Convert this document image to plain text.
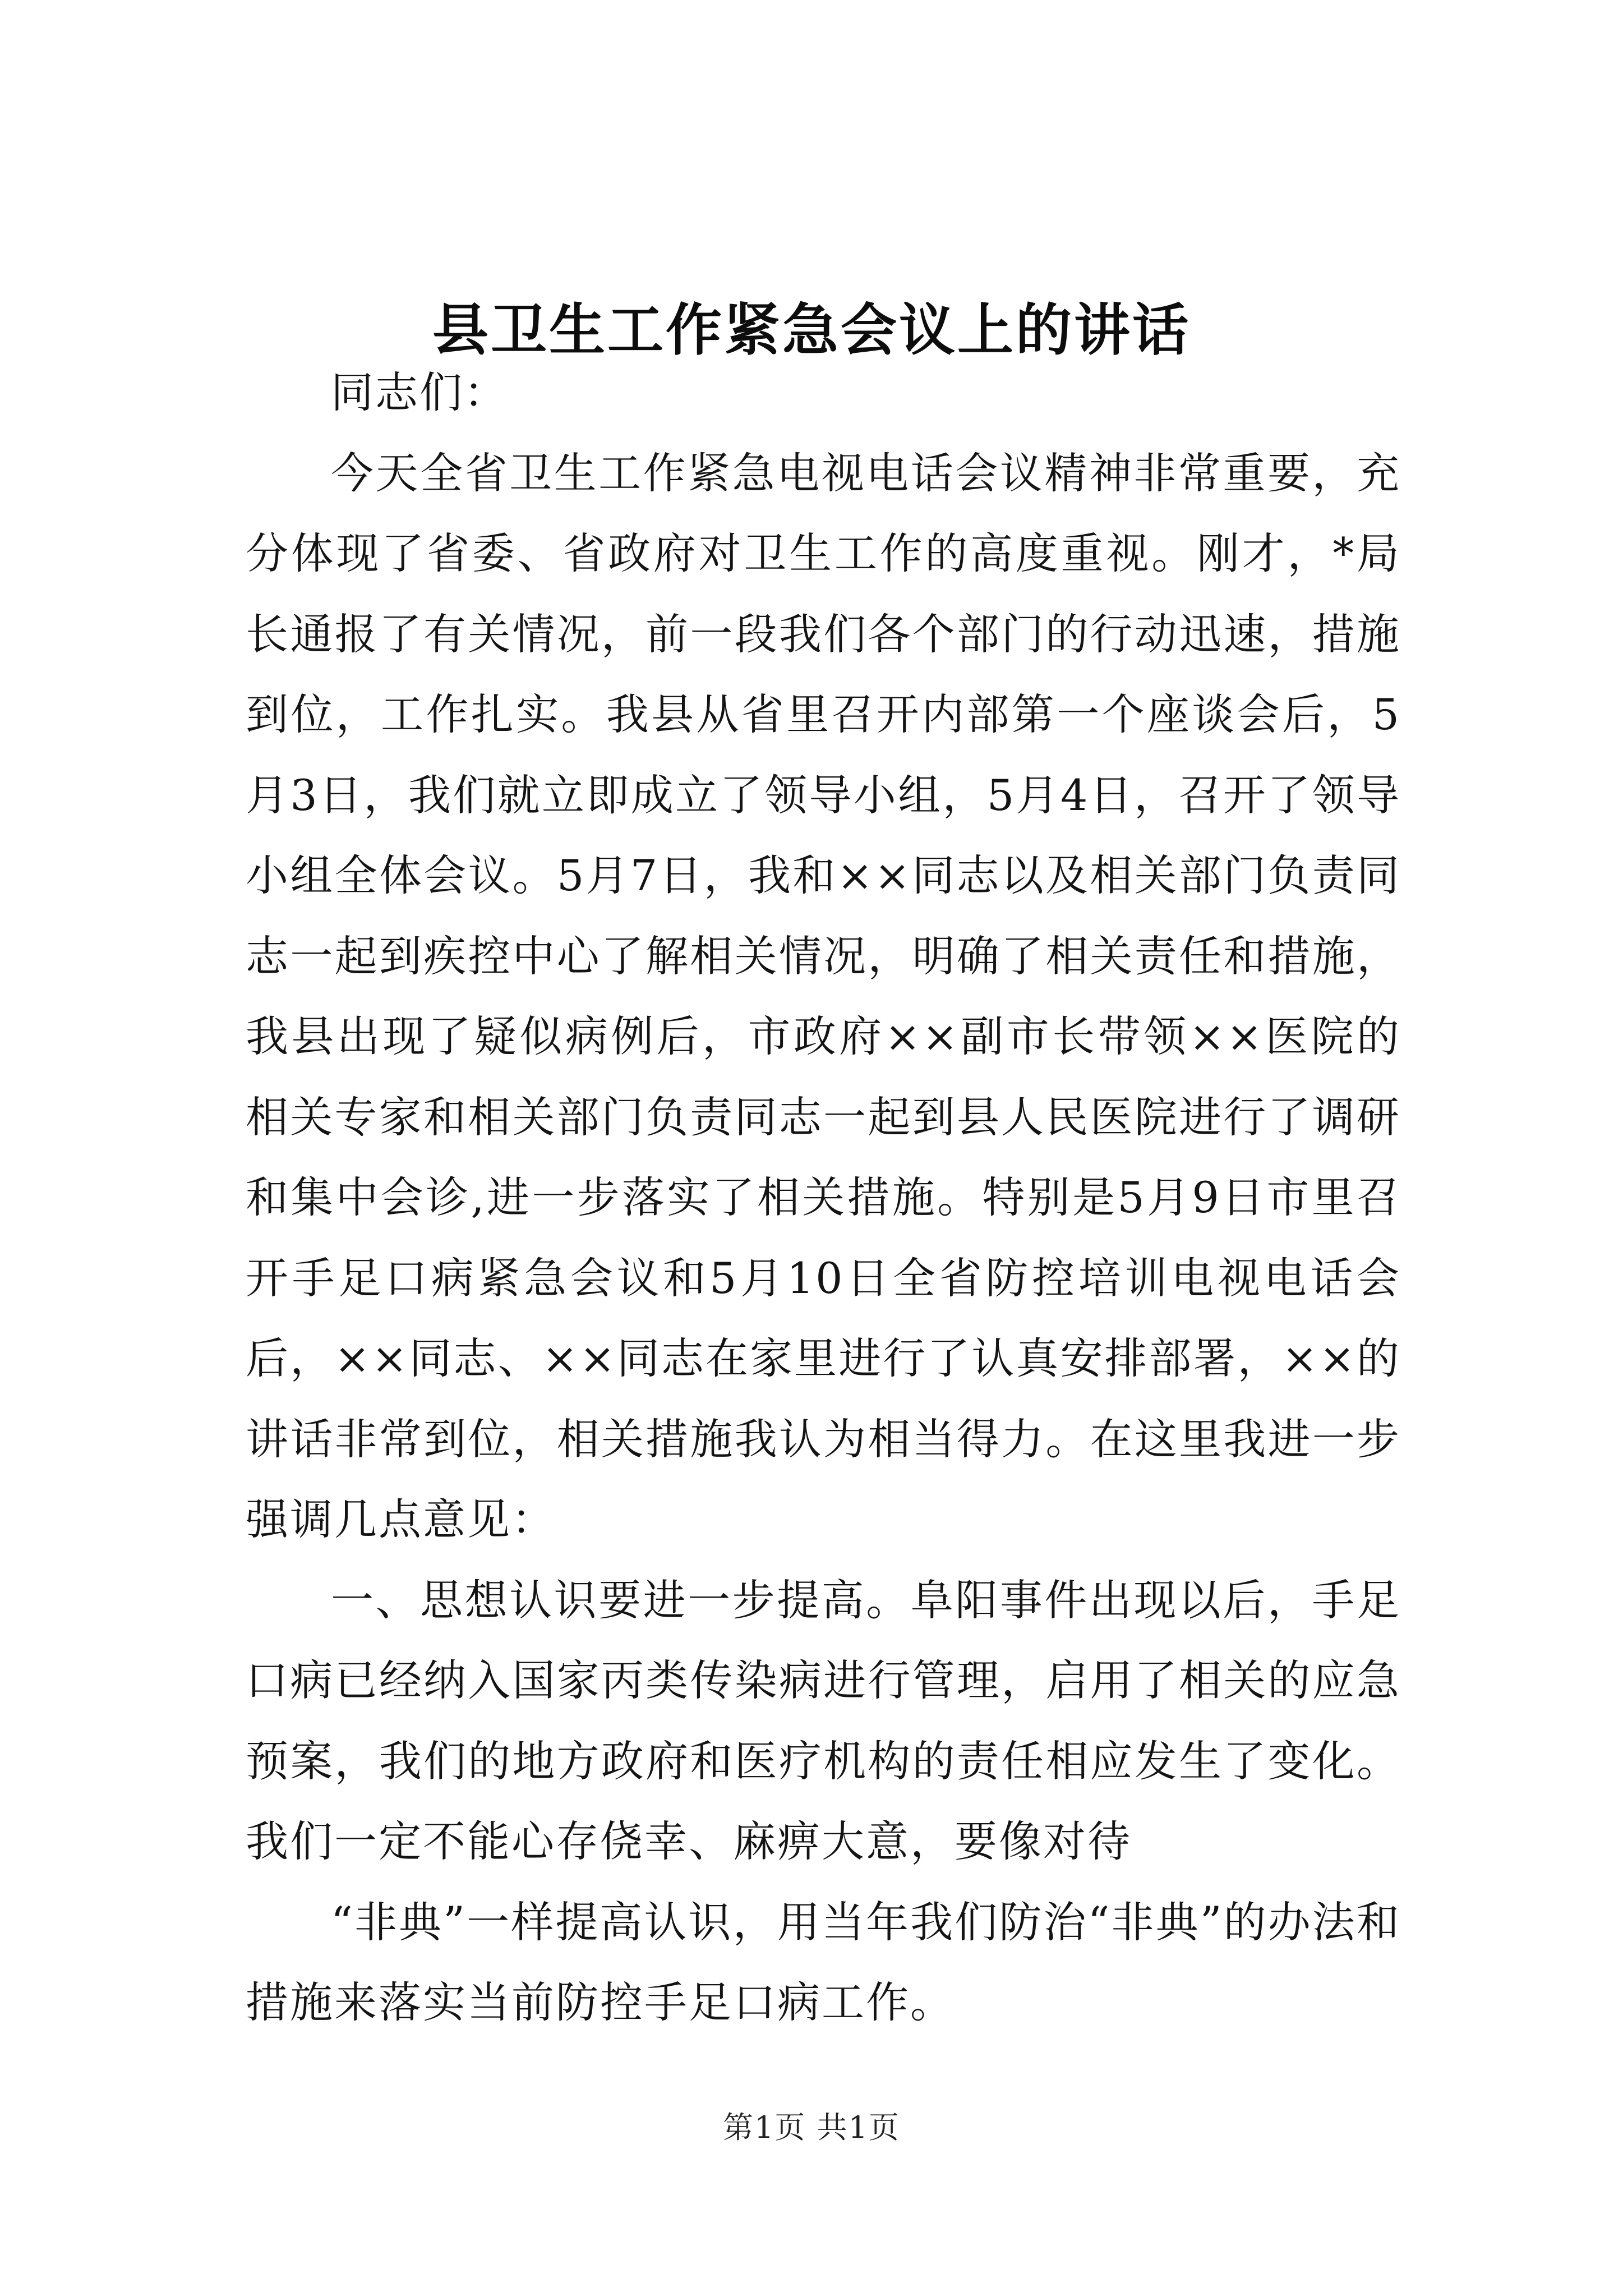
县卫生工作紧急会议上的讲话

同志们：

今天全省卫生工作紧急电视电话会议精神非常重要，充分体现了省委、省政府对卫生工作的高度重视。刚才，*局长通报了有关情况，前一段我们各个部门的行动迅速，措施到位，工作扎实。我县从省里召开内部第一个座谈会后，5月3日，我们就立即成立了领导小组，5月4日，召开了领导小组全体会议。5月7日，我和××同志以及相关部门负责同志一起到疾控中心了解相关情况，明确了相关责任和措施，我县出现了疑似病例后，市政府××副市长带领××医院的相关专家和相关部门负责同志一起到县人民医院进行了调研和集中会诊,进一步落实了相关措施。特别是5月9日市里召开手足口病紧急会议和5月10日全省防控培训电视电话会后，××同志、××同志在家里进行了认真安排部署，××的讲话非常到位，相关措施我认为相当得力。在这里我进一步强调几点意见：

一、思想认识要进一步提高。阜阳事件出现以后，手足口病已经纳入国家丙类传染病进行管理，启用了相关的应急预案，我们的地方政府和医疗机构的责任相应发生了变化。我们一定不能心存侥幸、麻痹大意，要像对待

“非典”一样提高认识，用当年我们防治“非典”的办法和措施来落实当前防控手足口病工作。

第1页 共1页
